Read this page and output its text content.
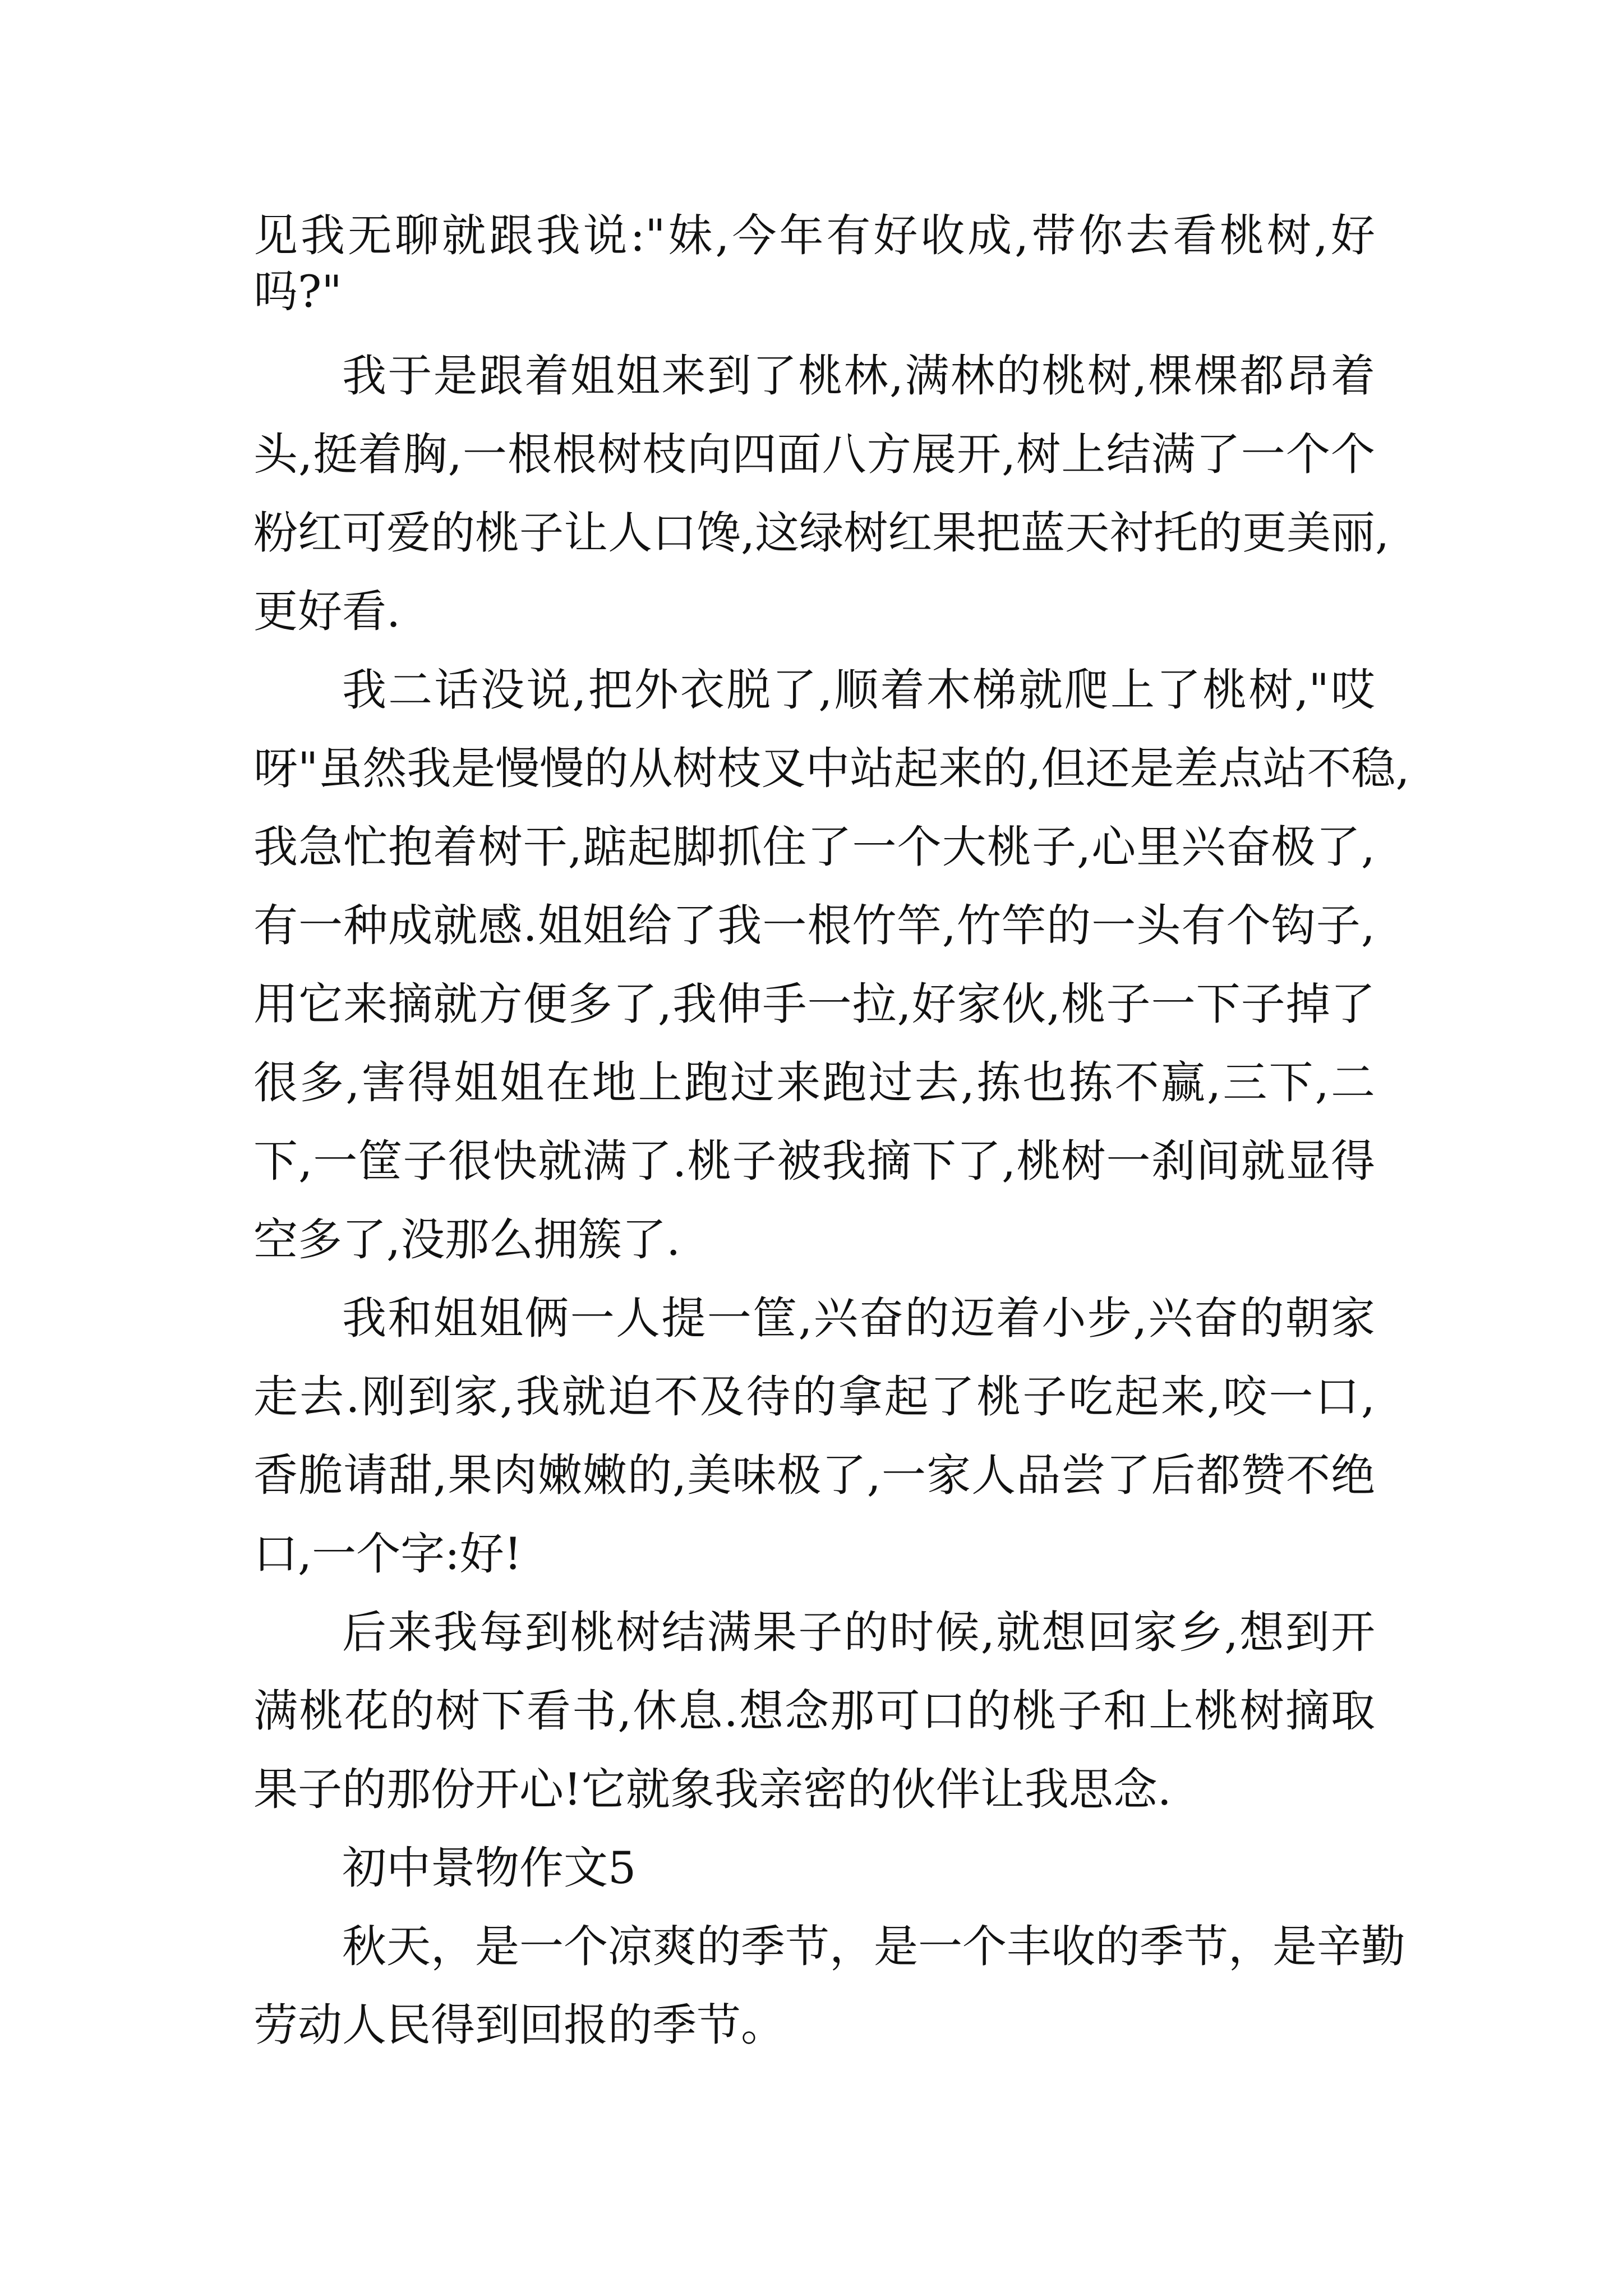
见我无聊就跟我说:"妹,今年有好收成,带你去看桃树,好

吗?"

我于是跟着姐姐来到了桃林,满林的桃树,棵棵都昂着

头,挺着胸,一根根树枝向四面八方展开,树上结满了一个个

粉红可爱的桃子让人口馋,这绿树红果把蓝天衬托的更美丽,

更好看.

我二话没说,把外衣脱了,顺着木梯就爬上了桃树,"哎

呀"虽然我是慢慢的从树枝叉中站起来的,但还是差点站不稳,

我急忙抱着树干,踮起脚抓住了一个大桃子,心里兴奋极了,

有一种成就感.姐姐给了我一根竹竿,竹竿的一头有个钩子,

用它来摘就方便多了,我伸手一拉,好家伙,桃子一下子掉了

很多,害得姐姐在地上跑过来跑过去,拣也拣不赢,三下,二

下,一筐子很快就满了.桃子被我摘下了,桃树一刹间就显得

空多了,没那么拥簇了.

我和姐姐俩一人提一筐,兴奋的迈着小步,兴奋的朝家

走去.刚到家,我就迫不及待的拿起了桃子吃起来,咬一口,

香脆请甜,果肉嫩嫩的,美味极了,一家人品尝了后都赞不绝

口,一个字:好!

后来我每到桃树结满果子的时候,就想回家乡,想到开

满桃花的树下看书,休息.想念那可口的桃子和上桃树摘取

果子的那份开心!它就象我亲密的伙伴让我思念.

初中景物作文5

秋天，是一个凉爽的季节，是一个丰收的季节，是辛勤

劳动人民得到回报的季节。
